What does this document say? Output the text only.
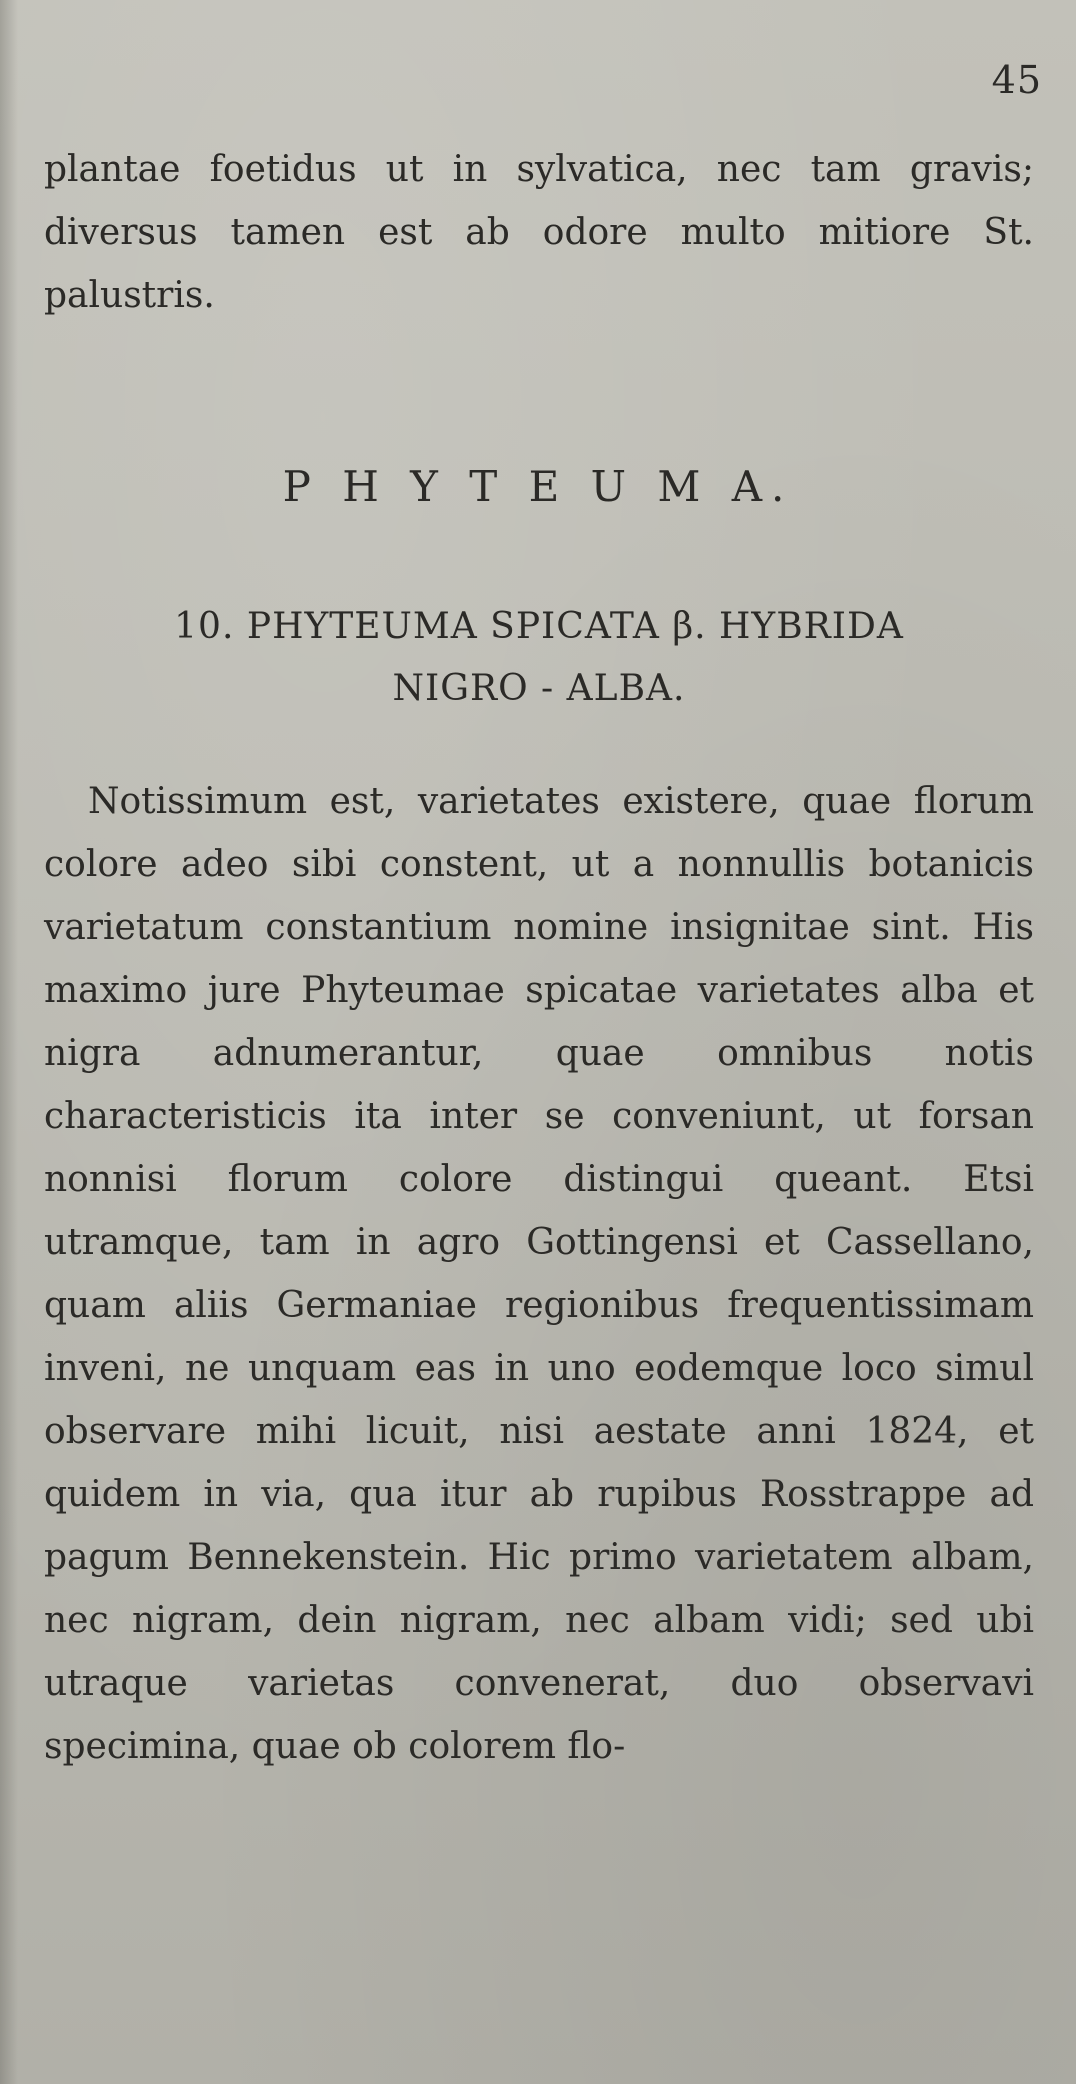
45

plantae foetidus ut in sylvatica, nec tam gravis; diversus tamen est ab odore multo mitiore St. palustris.

P H Y T E U M A.
10. PHYTEUMA SPICATA β. HYBRIDA
NIGRO - ALBA.

Notissimum est, varietates existere, quae florum colore adeo sibi constent, ut a nonnullis botanicis varietatum constantium nomine insignitae sint. His maximo jure Phyteumae spicatae varietates alba et nigra adnumerantur, quae omnibus notis characteristicis ita inter se conveniunt, ut forsan nonnisi florum colore distingui queant. Etsi utramque, tam in agro Gottingensi et Cassellano, quam aliis Germaniae regionibus frequentissimam inveni, ne unquam eas in uno eodemque loco simul observare mihi licuit, nisi aestate anni 1824, et quidem in via, qua itur ab rupibus Rosstrappe ad pagum Bennekenstein. Hic primo varietatem albam, nec nigram, dein nigram, nec albam vidi; sed ubi utraque varietas convenerat, duo observavi specimina, quae ob colorem flo-
